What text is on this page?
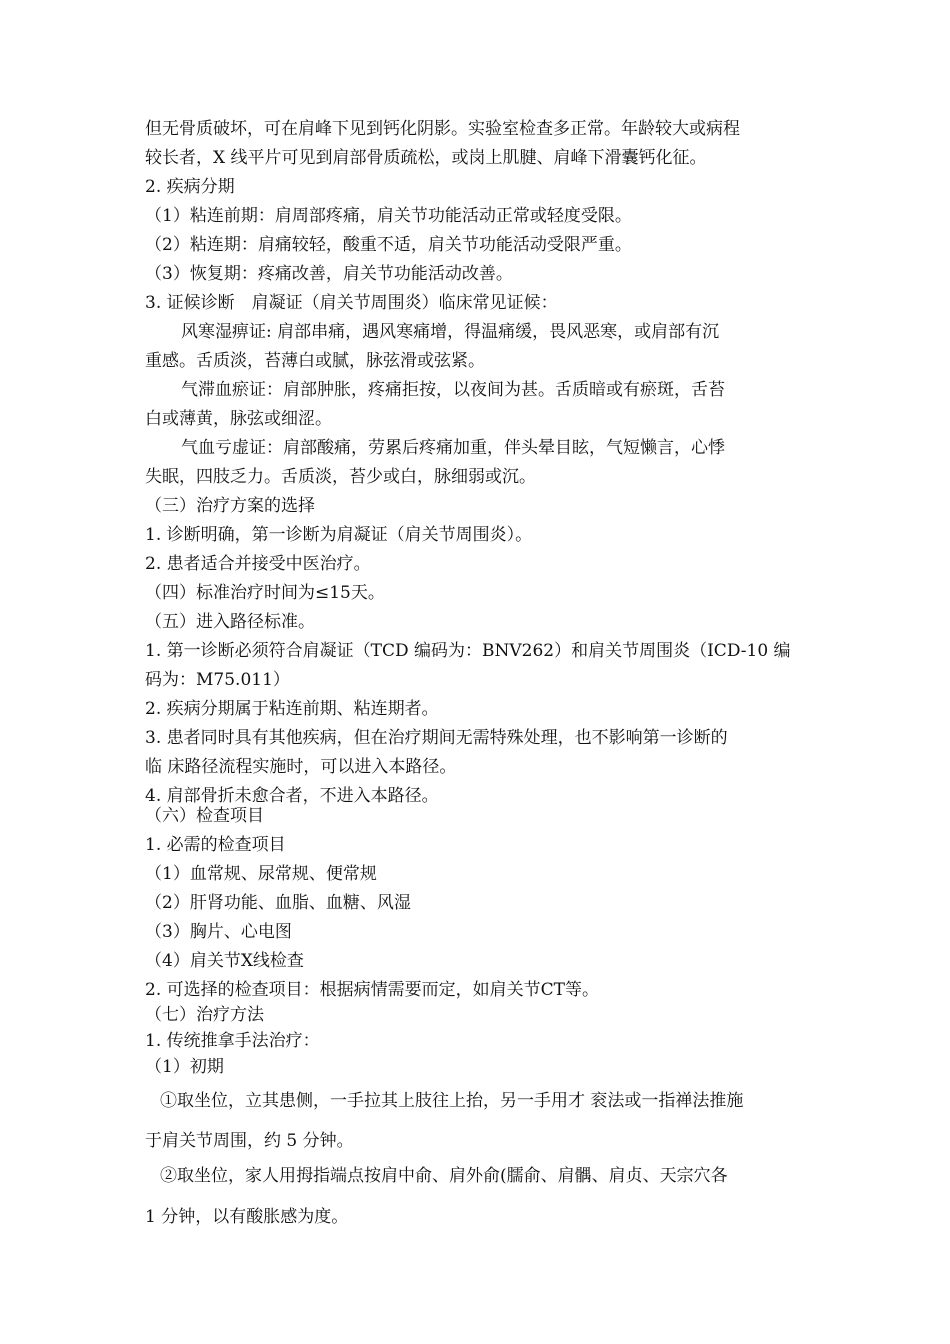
但无骨质破坏，可在肩峰下见到钙化阴影。实验室检查多正常。年龄较大或病程
较长者，X 线平片可见到肩部骨质疏松，或岗上肌腱、肩峰下滑囊钙化征。
2. 疾病分期
（1）粘连前期：肩周部疼痛，肩关节功能活动正常或轻度受限。
（2）粘连期：肩痛较轻，酸重不适，肩关节功能活动受限严重。
（3）恢复期：疼痛改善，肩关节功能活动改善。
3. 证候诊断　肩凝证（肩关节周围炎）临床常见证候：
风寒湿痹证: 肩部串痛，遇风寒痛增，得温痛缓，畏风恶寒，或肩部有沉
重感。舌质淡，苔薄白或腻，脉弦滑或弦紧。
气滞血瘀证：肩部肿胀，疼痛拒按，以夜间为甚。舌质暗或有瘀斑，舌苔
白或薄黄，脉弦或细涩。
气血亏虚证：肩部酸痛，劳累后疼痛加重，伴头晕目眩，气短懒言，心悸
失眠，四肢乏力。舌质淡，苔少或白，脉细弱或沉。
（三）治疗方案的选择
1. 诊断明确，第一诊断为肩凝证（肩关节周围炎）。
2. 患者适合并接受中医治疗。
（四）标准治疗时间为≤15天。
（五）进入路径标准。
1. 第一诊断必须符合肩凝证（TCD 编码为：BNV262）和肩关节周围炎（ICD-10 编
码为：M75.011）
2. 疾病分期属于粘连前期、粘连期者。
3. 患者同时具有其他疾病，但在治疗期间无需特殊处理，也不影响第一诊断的
临 床路径流程实施时，可以进入本路径。
4. 肩部骨折未愈合者，不进入本路径。
（六）检查项目
1. 必需的检查项目
（1）血常规、尿常规、便常规
（2）肝肾功能、血脂、血糖、风湿
（3）胸片、心电图
（4）肩关节X线检查
2. 可选择的检查项目：根据病情需要而定，如肩关节CT等。
（七）治疗方法
1. 传统推拿手法治疗：
（1）初期
①取坐位，立其患侧，一手拉其上肢往上抬，另一手用才 衮法或一指禅法推施
于肩关节周围，约 5 分钟。
②取坐位，家人用拇指端点按肩中俞、肩外俞(臑俞、肩髃、肩贞、天宗穴各
1 分钟，以有酸胀感为度。
